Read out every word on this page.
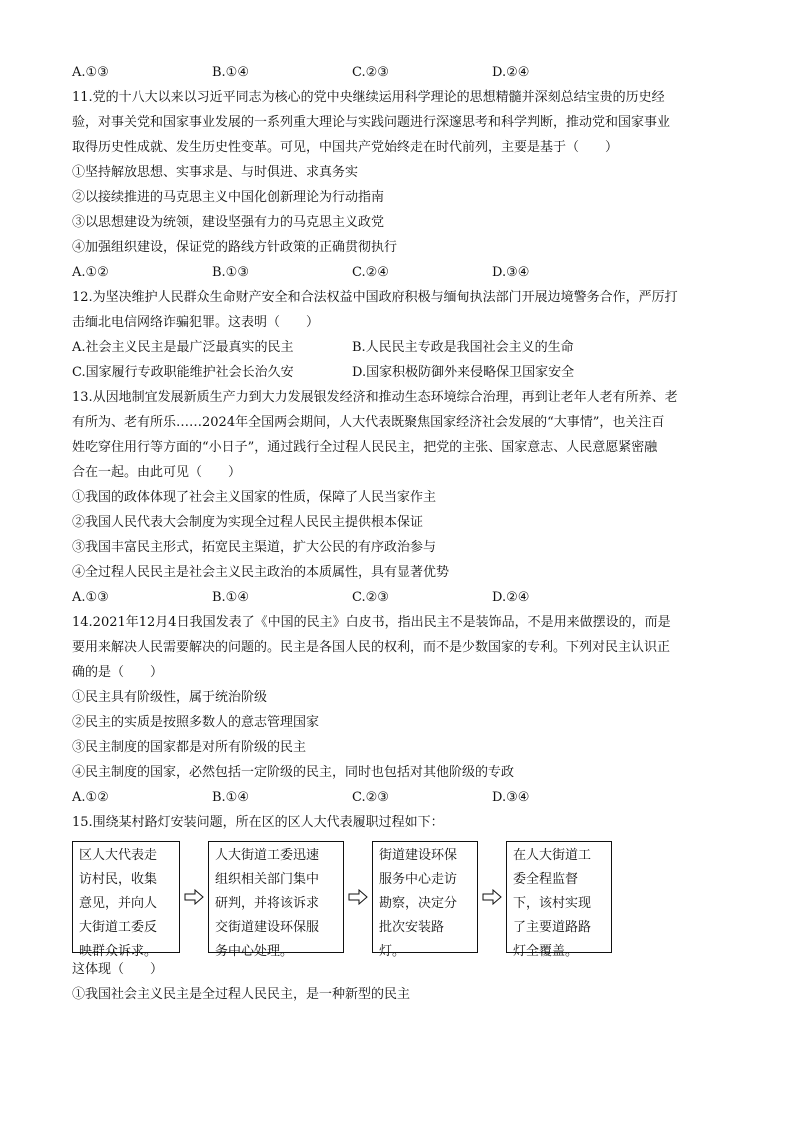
A.①③	B.①④	C.②③	D.②④
11.党的十八大以来以习近平同志为核心的党中央继续运用科学理论的思想精髓并深刻总结宝贵的历史经
验，对事关党和国家事业发展的一系列重大理论与实践问题进行深邃思考和科学判断，推动党和国家事业
取得历史性成就、发生历史性变革。可见，中国共产党始终走在时代前列，主要是基于（　　）
①坚持解放思想、实事求是、与时俱进、求真务实
②以接续推进的马克思主义中国化创新理论为行动指南
③以思想建设为统领，建设坚强有力的马克思主义政党
④加强组织建设，保证党的路线方针政策的正确贯彻执行
A.①②	B.①③	C.②④	D.③④
12.为坚决维护人民群众生命财产安全和合法权益中国政府积极与缅甸执法部门开展边境警务合作，严厉打
击缅北电信网络诈骗犯罪。这表明（　　）
A.社会主义民主是最广泛最真实的民主	B.人民民主专政是我国社会主义的生命
C.国家履行专政职能维护社会长治久安	D.国家积极防御外来侵略保卫国家安全
13.从因地制宜发展新质生产力到大力发展银发经济和推动生态环境综合治理，再到让老年人老有所养、老
有所为、老有所乐……2024年全国两会期间，人大代表既聚焦国家经济社会发展的“大事情”，也关注百
姓吃穿住用行等方面的“小日子”，通过践行全过程人民民主，把党的主张、国家意志、人民意愿紧密融
合在一起。由此可见（　　）
①我国的政体体现了社会主义国家的性质，保障了人民当家作主
②我国人民代表大会制度为实现全过程人民民主提供根本保证
③我国丰富民主形式，拓宽民主渠道，扩大公民的有序政治参与
④全过程人民民主是社会主义民主政治的本质属性，具有显著优势
A.①③	B.①④	C.②③	D.②④
14.2021年12月4日我国发表了《中国的民主》白皮书，指出民主不是装饰品，不是用来做摆设的，而是
要用来解决人民需要解决的问题的。民主是各国人民的权利，而不是少数国家的专利。下列对民主认识正
确的是（　　）
①民主具有阶级性，属于统治阶级
②民主的实质是按照多数人的意志管理国家
③民主制度的国家都是对所有阶级的民主
④民主制度的国家，必然包括一定阶级的民主，同时也包括对其他阶级的专政
A.①②	B.①④	C.②③	D.③④
15.围绕某村路灯安装问题，所在区的区人大代表履职过程如下：
区人大代表走
访村民，收集
意见，并向人
大街道工委反
映群众诉求。
人大街道工委迅速
组织相关部门集中
研判，并将该诉求
交街道建设环保服
务中心处理。
街道建设环保
服务中心走访
勘察，决定分
批次安装路
灯。
在人大街道工
委全程监督
下，该村实现
了主要道路路
灯全覆盖。
这体现（　　）
①我国社会主义民主是全过程人民民主，是一种新型的民主
